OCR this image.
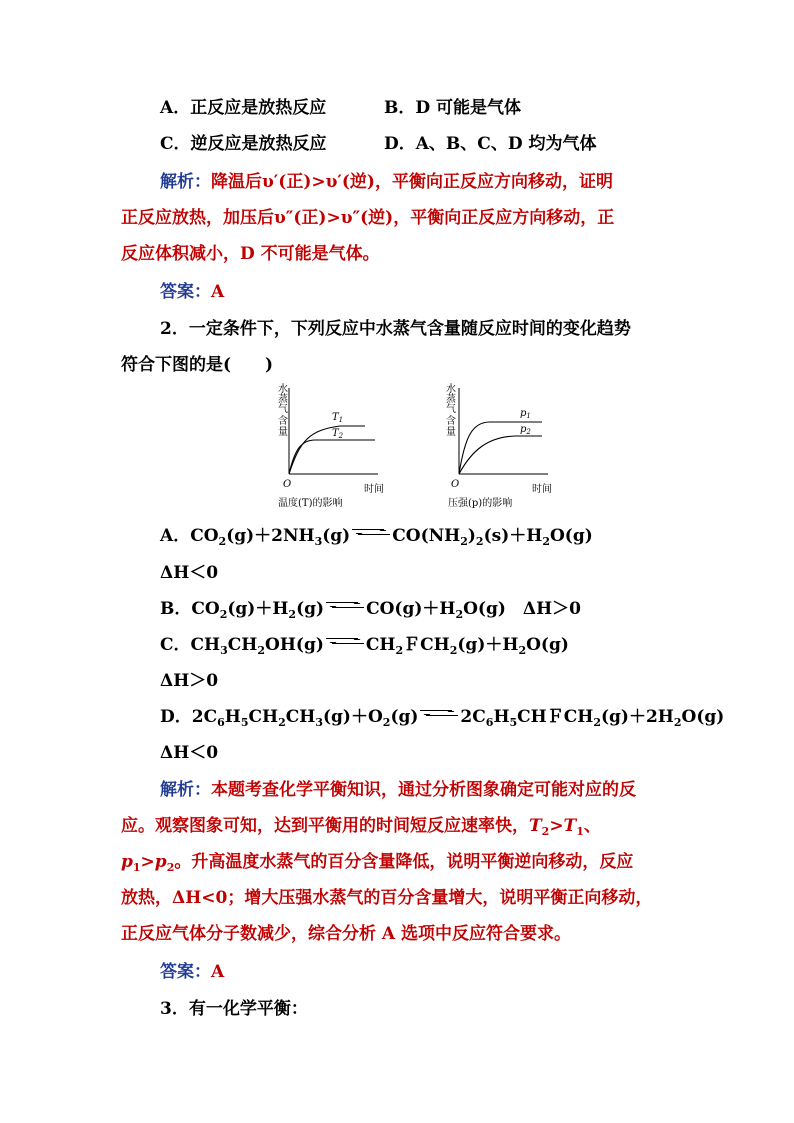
A．正反应是放热反应	B．D 可能是气体
C．逆反应是放热反应	D．A、B、C、D 均为气体
解析：降温后υ′(正)>υ′(逆)，平衡向正反应方向移动，证明
正反应放热，加压后υ″(正)>υ″(逆)，平衡向正反应方向移动，正
反应体积减小，D 不可能是气体。
答案：A
2．一定条件下，下列反应中水蒸气含量随反应时间的变化趋势
符合下图的是(　　)
水
蒸
气
含
量
$T_1$
$T_2$
O	时间
温度(T)的影响
水
蒸
气
含
量
$p_1$
$p_2$
O	时间
压强(p)的影响
A．$CO_2(g)+2NH_3(g)$ $CO(NH_2)_2(s)+H_2O(g)$
ΔH＜0
B．$CO_2(g)+H_2(g)$ $CO(g)+H_2O(g)$　ΔH＞0
C．$CH_3CH_2OH(g)$ $CH_2FCH_2(g)+H_2O(g)$
ΔH＞0
D．$2C_6H_5CH_2CH_3(g)+O_2(g)$ $2C_6H_5CHFCH_2(g)+2H_2O(g)$
ΔH＜0
解析：本题考查化学平衡知识，通过分析图象确定可能对应的反
应。观察图象可知，达到平衡用的时间短反应速率快，$T_2>T_1$、
$p_1>p_2$。升高温度水蒸气的百分含量降低，说明平衡逆向移动，反应
放热，ΔH<0；增大压强水蒸气的百分含量增大，说明平衡正向移动，
正反应气体分子数减少，综合分析 A 选项中反应符合要求。
答案：A
3．有一化学平衡：
